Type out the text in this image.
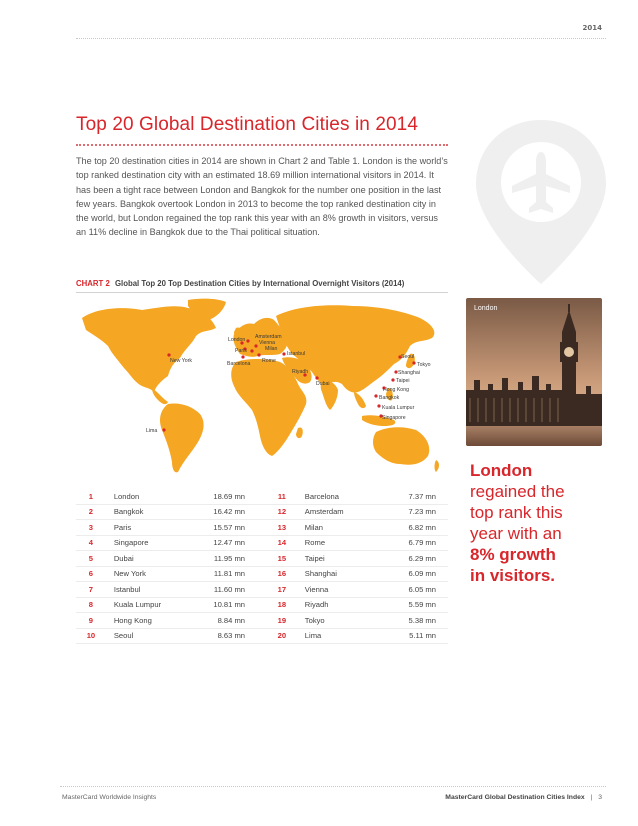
2014
Top 20 Global Destination Cities in 2014

The top 20 destination cities in 2014 are shown in Chart 2 and Table 1. London is the world’s top ranked destination city with an estimated 18.69 million international visitors in 2014. It has been a tight race between London and Bangkok for the number one position in the last few years. Bangkok overtook London in 2013 to become the top ranked destination city in the world, but London regained the top rank this year with an 8% growth in visitors, versus an 11% decline in Bangkok due to the Thai political situation.

CHART 2 Global Top 20 Top Destination Cities by International Overnight Visitors (2014)
London Amsterdam
Vienna
Paris	Milan
Istanbul
Barcelona Rome
New York
Riyadh
Dubai
Seoul
Tokyo
Shanghai
Taipei
Hong Kong
Bangkok
Kuala Lumpur
Singapore
Lima
1	London	18.69 mn	11	Barcelona	7.37 mn
2	Bangkok	16.42 mn	12	Amsterdam	7.23 mn
3	Paris	15.57 mn	13	Milan	6.82 mn
4	Singapore	12.47 mn	14	Rome	6.79 mn
5	Dubai	11.95 mn	15	Taipei	6.29 mn
6	New York	11.81 mn	16	Shanghai	6.09 mn
7	Istanbul	11.60 mn	17	Vienna	6.05 mn
8	Kuala Lumpur	10.81 mn	18	Riyadh	5.59 mn
9	Hong Kong	8.84 mn	19	Tokyo	5.38 mn
10	Seoul	8.63 mn	20	Lima	5.11 mn
London
London
regained the
top rank this
year with an
8% growth
in visitors.
MasterCard Worldwide Insights	MasterCard Global Destination Cities Index | 3
